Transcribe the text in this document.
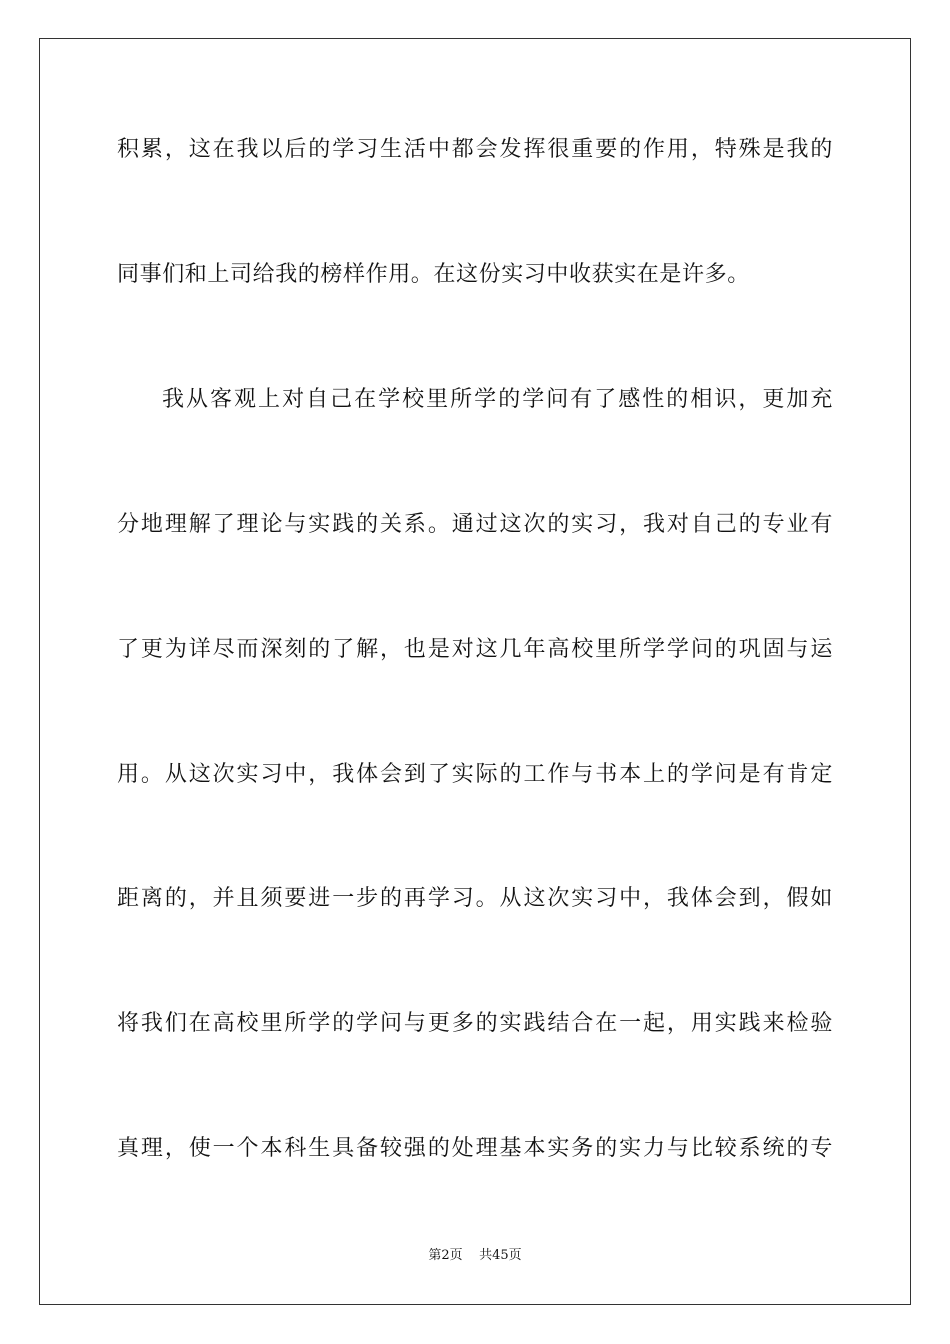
积累，这在我以后的学习生活中都会发挥很重要的作用，特殊是我的
同事们和上司给我的榜样作用。在这份实习中收获实在是许多。
我从客观上对自己在学校里所学的学问有了感性的相识，更加充
分地理解了理论与实践的关系。通过这次的实习，我对自己的专业有
了更为详尽而深刻的了解，也是对这几年高校里所学学问的巩固与运
用。从这次实习中，我体会到了实际的工作与书本上的学问是有肯定
距离的，并且须要进一步的再学习。从这次实习中，我体会到，假如
将我们在高校里所学的学问与更多的实践结合在一起，用实践来检验
真理，使一个本科生具备较强的处理基本实务的实力与比较系统的专
第2页 共45页
